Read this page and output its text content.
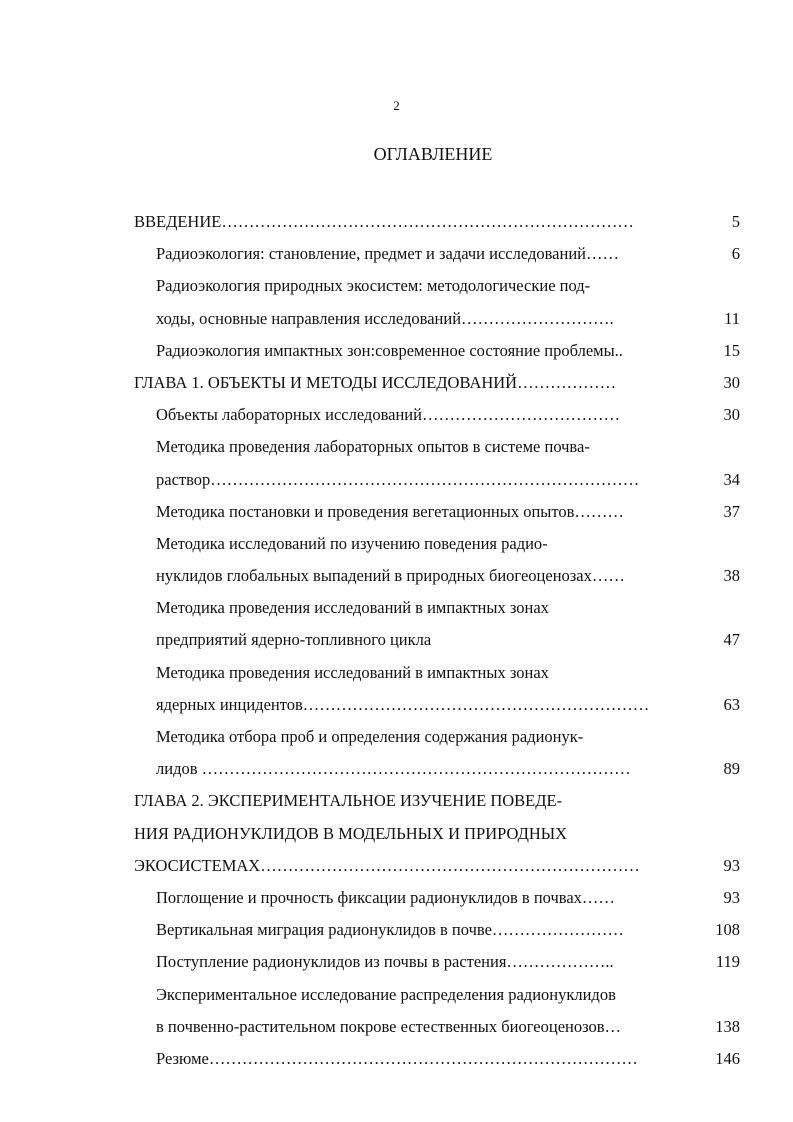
2
ОГЛАВЛЕНИЕ
ВВЕДЕНИЕ…………………………………………………………………	5
Радиоэкология: становление, предмет и задачи исследований……	6
Радиоэкология природных экосистем: методологические под-
ходы, основные направления исследований……………………….	11
Радиоэкология импактных зон:современное состояние проблемы..	15
ГЛАВА 1. ОБЪЕКТЫ И МЕТОДЫ ИССЛЕДОВАНИЙ………………	30
Объекты лабораторных исследований………………………………	30
Методика проведения лабораторных опытов в системе почва-
раствор……………………………………………………………………	34
Методика постановки и проведения вегетационных опытов………	37
Методика исследований по изучению поведения радио-
нуклидов глобальных выпадений в природных биогеоценозах……	38
Методика проведения исследований в импактных зонах
предприятий ядерно-топливного цикла	47
Методика проведения исследований в импактных зонах
ядерных инцидентов………………………………………………………	63
Методика отбора проб и определения содержания радионук-
лидов ……………………………………………………………………	89
ГЛАВА 2. ЭКСПЕРИМЕНТАЛЬНОЕ ИЗУЧЕНИЕ ПОВЕДЕ-
НИЯ РАДИОНУКЛИДОВ В МОДЕЛЬНЫХ И ПРИРОДНЫХ
ЭКОСИСТЕМАХ……………………………………………………………	93
Поглощение и прочность фиксации радионуклидов в почвах……	93
Вертикальная миграция радионуклидов в почве……………………	108
Поступление радионуклидов из почвы в растения………………..	119
Экспериментальное исследование распределения радионуклидов
в почвенно-растительном покрове естественных биогеоценозов…	138
Резюме……………………………………………………………………	146
